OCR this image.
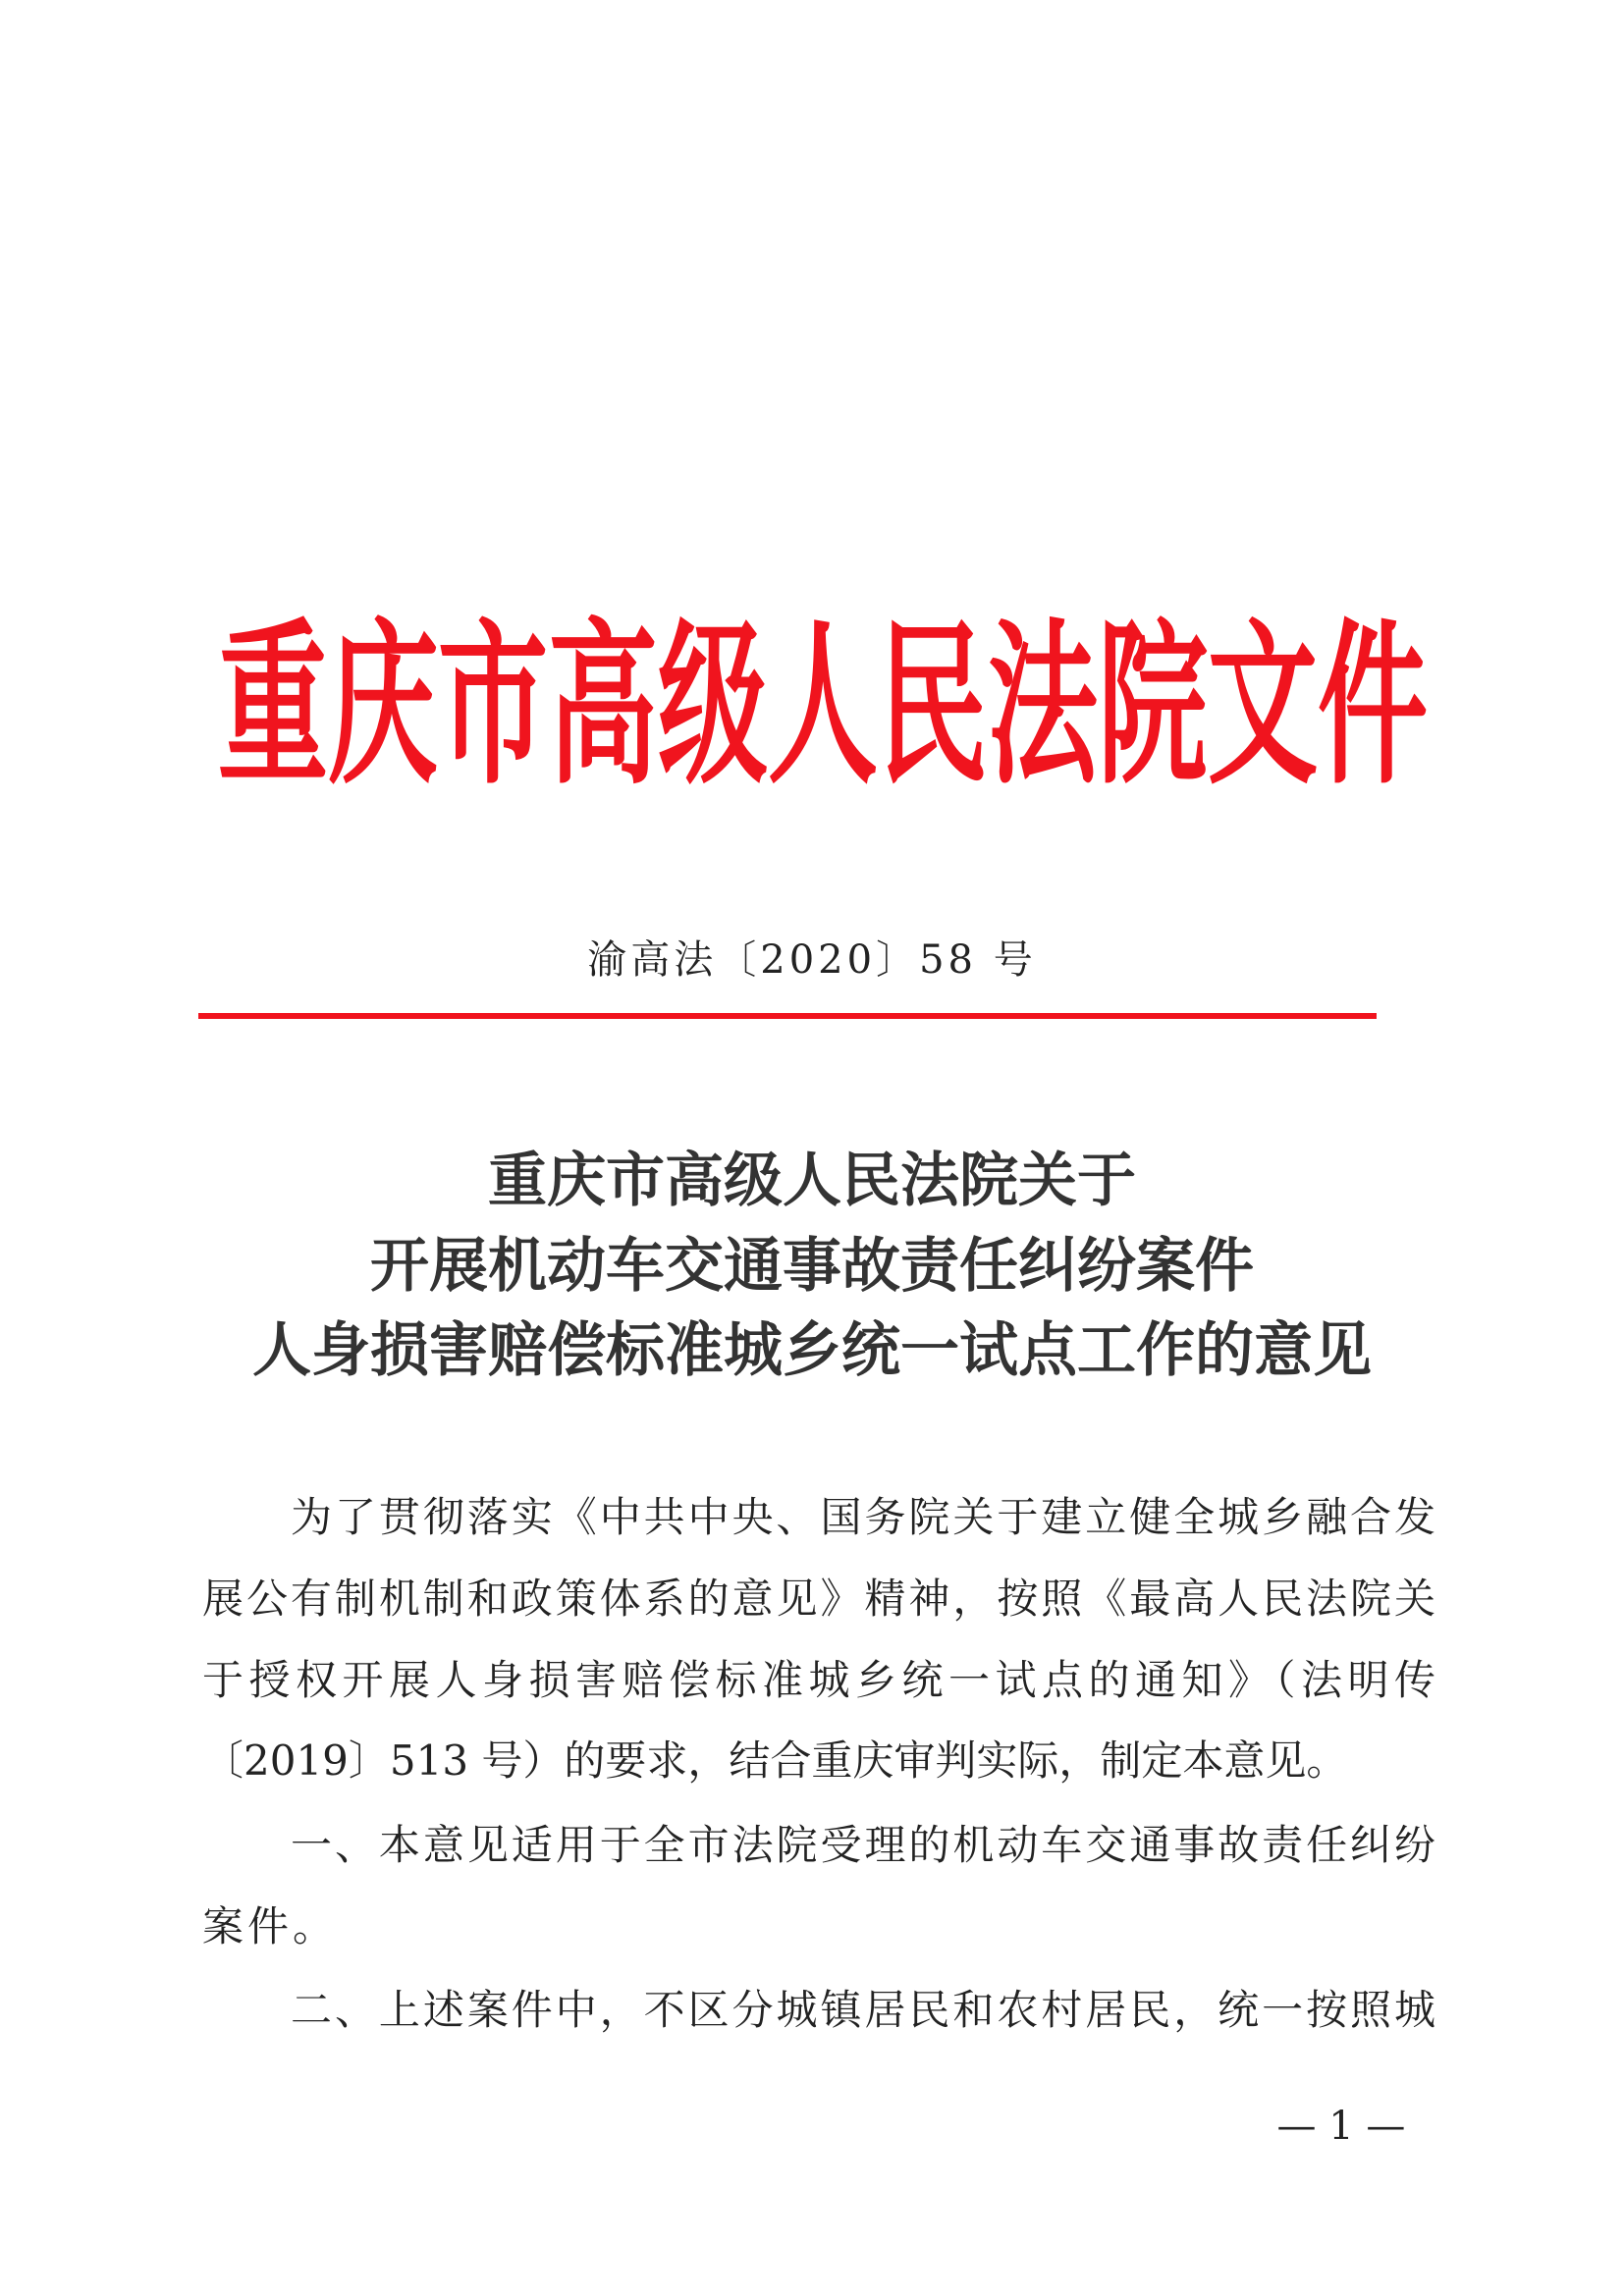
重庆市高级人民法院文件
渝高法〔2020〕58 号
重庆市高级人民法院关于
开展机动车交通事故责任纠纷案件
人身损害赔偿标准城乡统一试点工作的意见
为了贯彻落实《中共中央、国务院关于建立健全城乡融合发
展公有制机制和政策体系的意见》精神，按照《最高人民法院关
于授权开展人身损害赔偿标准城乡统一试点的通知》（法明传
〔2019〕513 号）的要求，结合重庆审判实际，制定本意见。
一、本意见适用于全市法院受理的机动车交通事故责任纠纷
案件。
二、上述案件中，不区分城镇居民和农村居民，统一按照城
— 1 —
